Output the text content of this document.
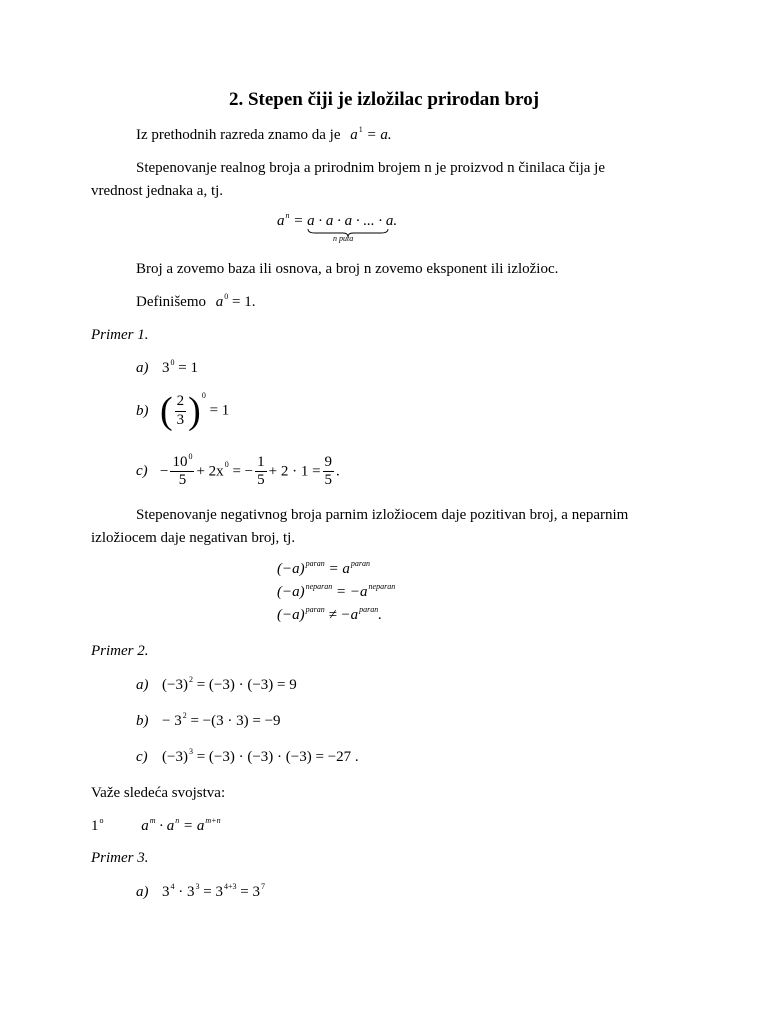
2. Stepen čiji je izložilac prirodan broj
Iz prethodnih razreda znamo da je $a^1 = a$.
Stepenovanje realnog broja a prirodnim brojem n je proizvod n činilaca čija je
vrednost jednaka a, tj.
$a^n = a \cdot a \cdot a$ · ... · a.
n puta
Broj a zovemo baza ili osnova, a broj n zovemo eksponent ili izložioc.
Definišemo $a^0 = 1$.
Primer 1.
a) $3^0 = 1$
b) ( $\frac{2}{3} )^0 = 1$
$c) - \frac{10^0}{5} + 2x^0$ = − $\frac{1}{5} + 2 \cdot 1 = \frac{9}{5}$ .
Stepenovanje negativnog broja parnim izložiocem daje pozitivan broj, a neparnim
izložiocem daje negativan broj, tj.
$(-a)^{paran} = a^{paran}$
$(-a)^{neparan} = -a^{neparan}$
$(-a)^{paran} \ne -a^{paran}$.
Primer 2.
a) $(-3)^2 = (-3) \cdot (-3) = 9$
$b) - 3^2 = -(3 \cdot 3) = -9$
c) $(-3)^3 = (-3) \cdot (-3) \cdot (-3) = -27$ .
Važe sledeća svojstva:
1$^o$	$a^m \cdot a^n = a^{m+n}$
Primer 3.
a) $3^4 \cdot 3^3 = 3^{4+3} = 3^7$
